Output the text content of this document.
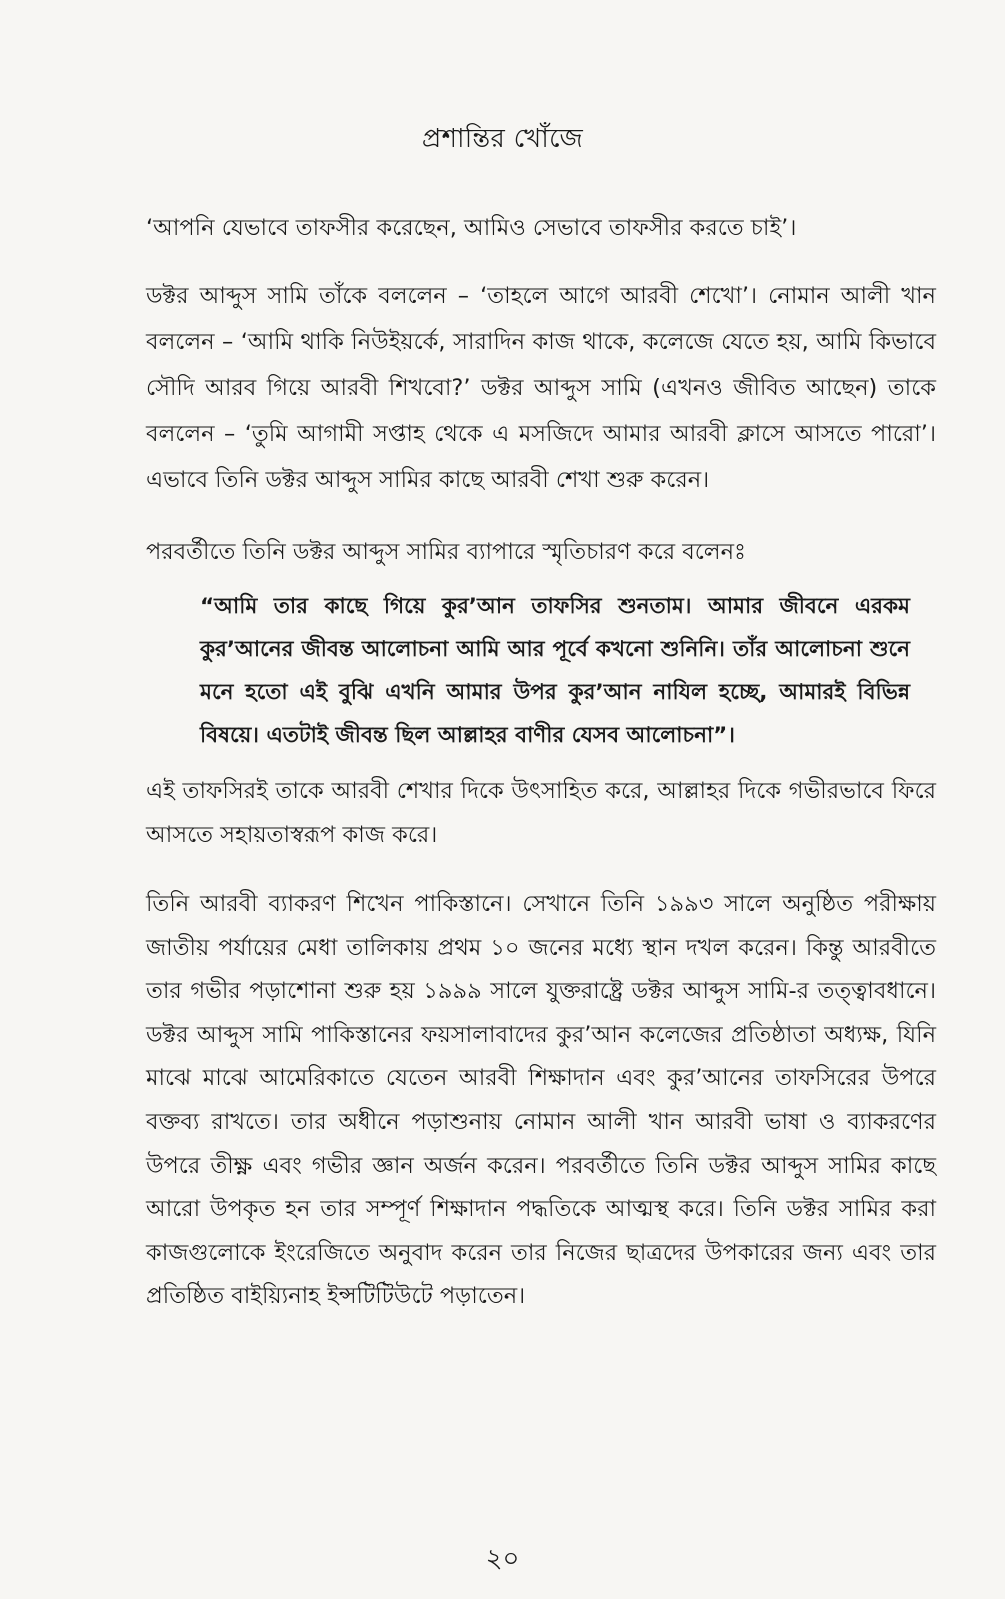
প্রশান্তির খোঁজে

‘আপনি যেভাবে তাফসীর করেছেন, আমিও সেভাবে তাফসীর করতে চাই’।

ডক্টর আব্দুস সামি তাঁকে বললেন – ‘তাহলে আগে আরবী শেখো’। নোমান আলী খান বললেন – ‘আমি থাকি নিউইয়র্কে, সারাদিন কাজ থাকে, কলেজে যেতে হয়, আমি কিভাবে সৌদি আরব গিয়ে আরবী শিখবো?’ ডক্টর আব্দুস সামি (এখনও জীবিত আছেন) তাকে বললেন – ‘তুমি আগামী সপ্তাহ থেকে এ মসজিদে আমার আরবী ক্লাসে আসতে পারো’। এভাবে তিনি ডক্টর আব্দুস সামির কাছে আরবী শেখা শুরু করেন।

পরবর্তীতে তিনি ডক্টর আব্দুস সামির ব্যাপারে স্মৃতিচারণ করে বলেনঃ

“আমি তার কাছে গিয়ে কুর’আন তাফসির শুনতাম। আমার জীবনে এরকম কুর’আনের জীবন্ত আলোচনা আমি আর পূর্বে কখনো শুনিনি। তাঁর আলোচনা শুনে মনে হতো এই বুঝি এখনি আমার উপর কুর’আন নাযিল হচ্ছে, আমারই বিভিন্ন বিষয়ে। এতটাই জীবন্ত ছিল আল্লাহর বাণীর যেসব আলোচনা”।

এই তাফসিরই তাকে আরবী শেখার দিকে উৎসাহিত করে, আল্লাহর দিকে গভীরভাবে ফিরে আসতে সহায়তাস্বরূপ কাজ করে।

তিনি আরবী ব্যাকরণ শিখেন পাকিস্তানে। সেখানে তিনি ১৯৯৩ সালে অনুষ্ঠিত পরীক্ষায় জাতীয় পর্যায়ের মেধা তালিকায় প্রথম ১০ জনের মধ্যে স্থান দখল করেন। কিন্তু আরবীতে তার গভীর পড়াশোনা শুরু হয় ১৯৯৯ সালে যুক্তরাষ্ট্রে ডক্টর আব্দুস সামি-র তত্ত্বাবধানে। ডক্টর আব্দুস সামি পাকিস্তানের ফয়সালাবাদের কুর’আন কলেজের প্রতিষ্ঠাতা অধ্যক্ষ, যিনি মাঝে মাঝে আমেরিকাতে যেতেন আরবী শিক্ষাদান এবং কুর’আনের তাফসিরের উপরে বক্তব্য রাখতে। তার অধীনে পড়াশুনায় নোমান আলী খান আরবী ভাষা ও ব্যাকরণের উপরে তীক্ষ্ণ এবং গভীর জ্ঞান অর্জন করেন। পরবর্তীতে তিনি ডক্টর আব্দুস সামির কাছে আরো উপকৃত হন তার সম্পূর্ণ শিক্ষাদান পদ্ধতিকে আত্মস্থ করে। তিনি ডক্টর সামির করা কাজগুলোকে ইংরেজিতে অনুবাদ করেন তার নিজের ছাত্রদের উপকারের জন্য এবং তার প্রতিষ্ঠিত বাইয়্যিনাহ ইন্সটিটিউটে পড়াতেন।

২০
